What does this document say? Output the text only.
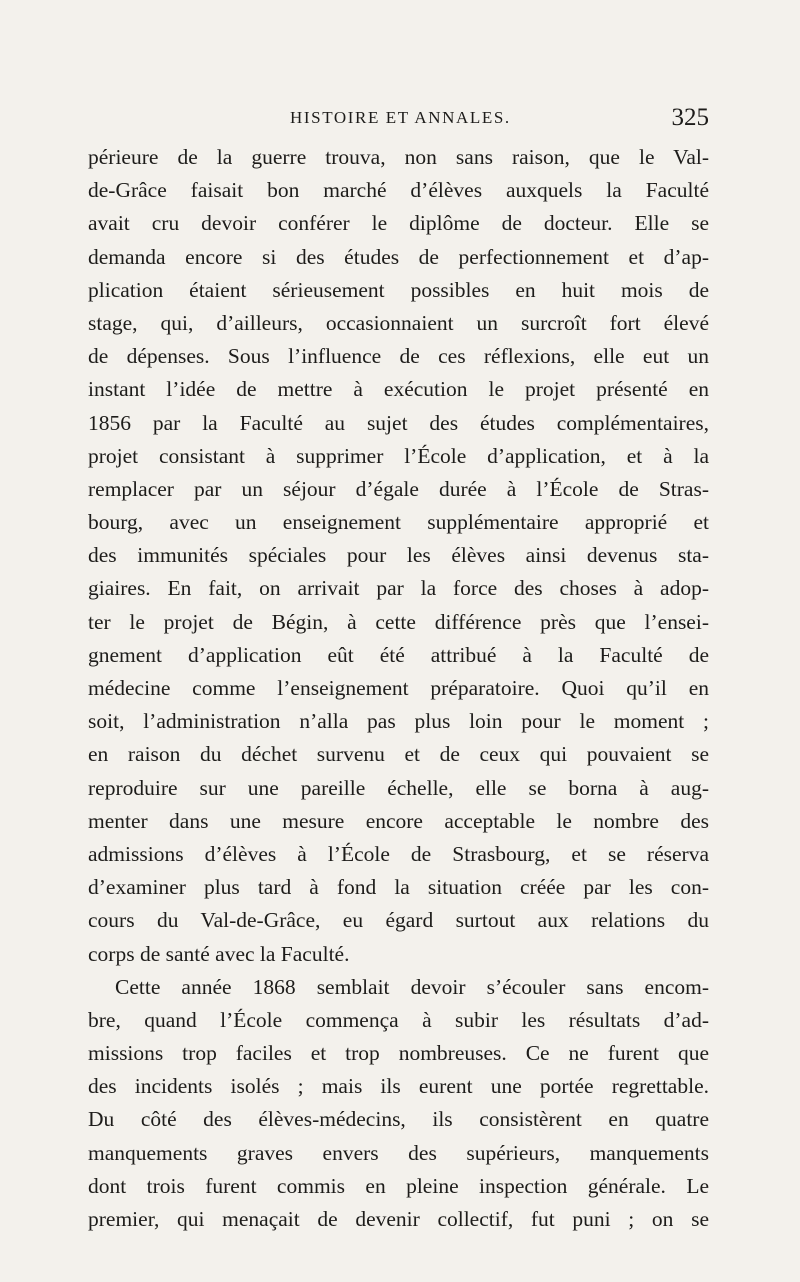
HISTOIRE ET ANNALES.	325
périeure de la guerre trouva, non sans raison, que le Val-
de-Grâce faisait bon marché d’élèves auxquels la Faculté
avait cru devoir conférer le diplôme de docteur. Elle se
demanda encore si des études de perfectionnement et d’ap-
plication étaient sérieusement possibles en huit mois de
stage, qui, d’ailleurs, occasionnaient un surcroît fort élevé
de dépenses. Sous l’influence de ces réflexions, elle eut un
instant l’idée de mettre à exécution le projet présenté en
1856 par la Faculté au sujet des études complémentaires,
projet consistant à supprimer l’École d’application, et à la
remplacer par un séjour d’égale durée à l’École de Stras-
bourg, avec un enseignement supplémentaire approprié et
des immunités spéciales pour les élèves ainsi devenus sta-
giaires. En fait, on arrivait par la force des choses à adop-
ter le projet de Bégin, à cette différence près que l’ensei-
gnement d’application eût été attribué à la Faculté de
médecine comme l’enseignement préparatoire. Quoi qu’il en
soit, l’administration n’alla pas plus loin pour le moment ;
en raison du déchet survenu et de ceux qui pouvaient se
reproduire sur une pareille échelle, elle se borna à aug-
menter dans une mesure encore acceptable le nombre des
admissions d’élèves à l’École de Strasbourg, et se réserva
d’examiner plus tard à fond la situation créée par les con-
cours du Val-de-Grâce, eu égard surtout aux relations du
corps de santé avec la Faculté.
Cette année 1868 semblait devoir s’écouler sans encom-
bre, quand l’École commença à subir les résultats d’ad-
missions trop faciles et trop nombreuses. Ce ne furent que
des incidents isolés ; mais ils eurent une portée regrettable.
Du côté des élèves-médecins, ils consistèrent en quatre
manquements graves envers des supérieurs, manquements
dont trois furent commis en pleine inspection générale. Le
premier, qui menaçait de devenir collectif, fut puni ; on se
